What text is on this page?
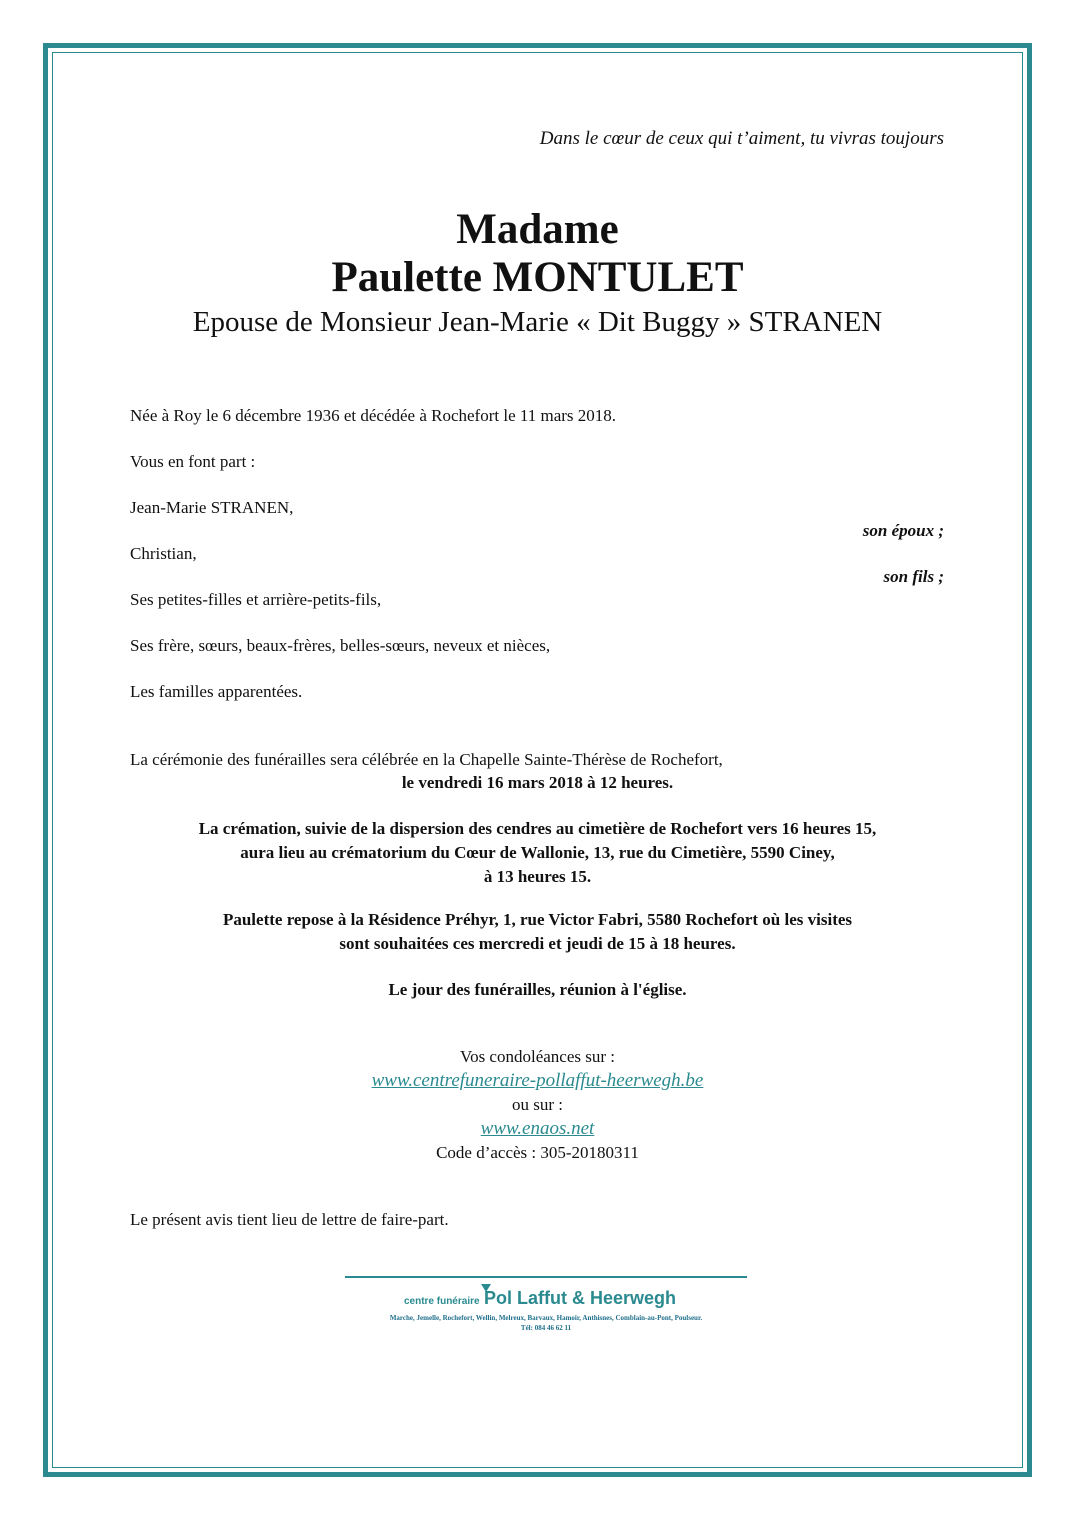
Dans le cœur de ceux qui t’aiment, tu vivras toujours

Madame
Paulette MONTULET
Epouse de Monsieur Jean-Marie « Dit Buggy » STRANEN

Née à Roy le 6 décembre 1936 et décédée à Rochefort le 11 mars 2018.

Vous en font part :

Jean-Marie STRANEN,

son époux ;

Christian,

son fils ;

Ses petites-filles et arrière-petits-fils,

Ses frère, sœurs, beaux-frères, belles-sœurs, neveux et nièces,

Les familles apparentées.

La cérémonie des funérailles sera célébrée en la Chapelle Sainte-Thérèse de Rochefort,

le vendredi 16 mars 2018 à 12 heures.
La crémation, suivie de la dispersion des cendres au cimetière de Rochefort vers 16 heures 15,
aura lieu au crématorium du Cœur de Wallonie, 13, rue du Cimetière, 5590 Ciney,
à 13 heures 15.
Paulette repose à la Résidence Préhyr, 1, rue Victor Fabri, 5580 Rochefort où les visites
sont souhaitées ces mercredi et jeudi de 15 à 18 heures.
Le jour des funérailles, réunion à l'église.
Vos condoléances sur :
www.centrefuneraire-pollaffut-heerwegh.be
ou sur :
www.enaos.net
Code d’accès : 305-20180311

Le présent avis tient lieu de lettre de faire-part.

centre funéraire Pol Laffut & Heerwegh
Marche, Jemelle, Rochefort, Wellin, Melreux, Barvaux, Hamoir, Anthisnes, Comblain-au-Pont, Poulseur.
Tél: 084 46 62 11
